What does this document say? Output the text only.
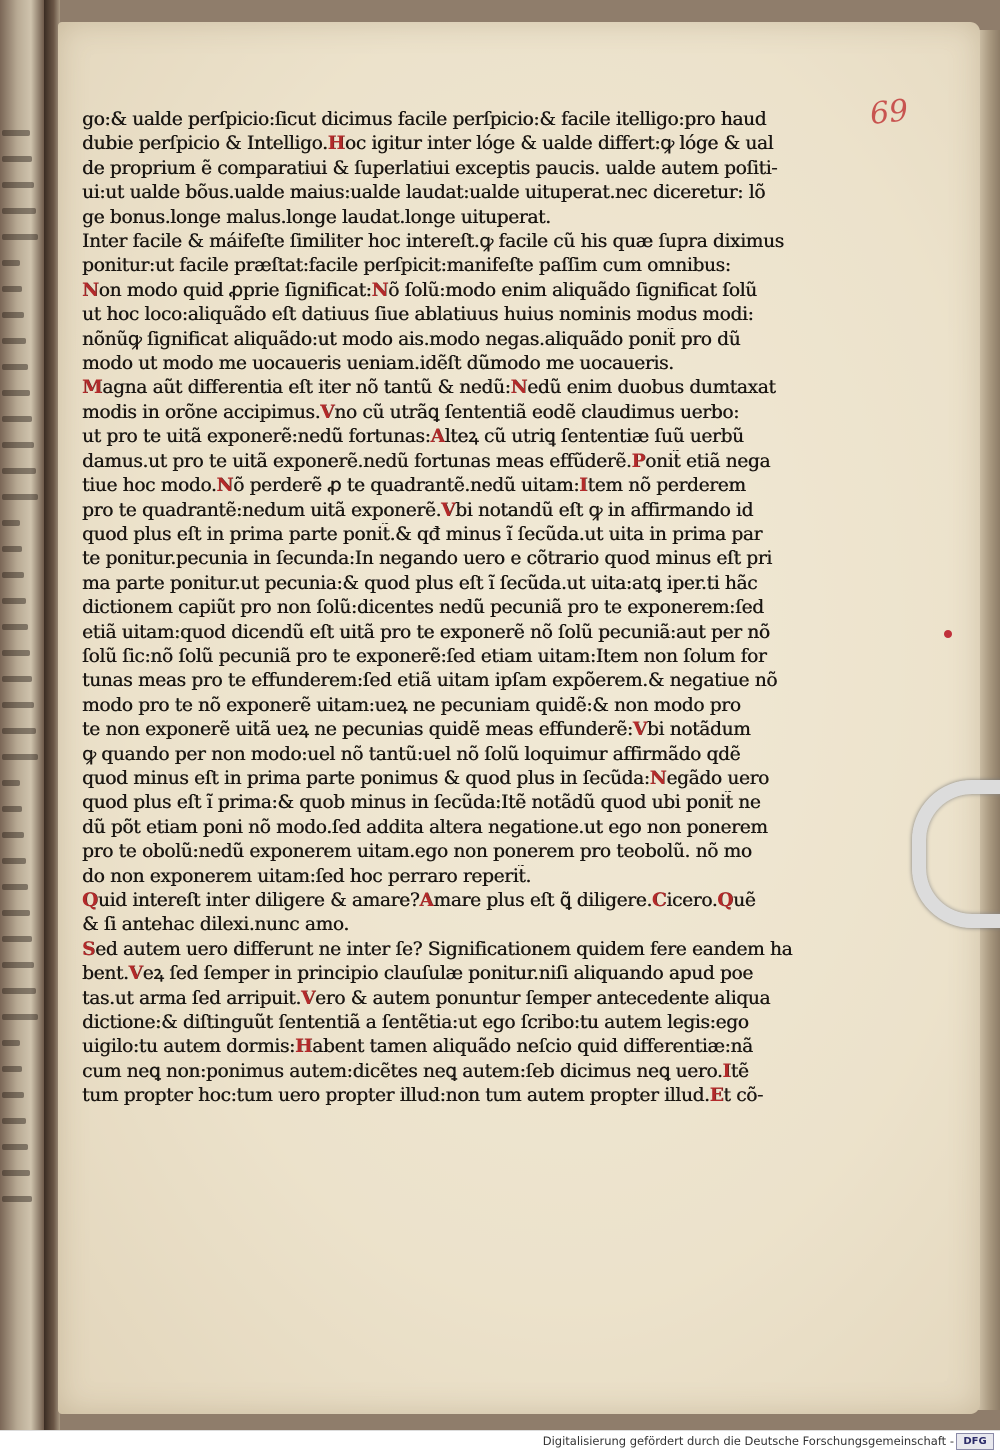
69
go:& ualde perſpicio:ſicut dicimus facile perſpicio:& facile itelligo:pro haud
dubie perſpicio & Intelligo.Hoc igitur inter lóge & ualde differt:ꝙ lóge & ual
de proprium ẽ comparatiui & ſuperlatiui exceptis paucis. ualde autem poſiti-
ui:ut ualde bõus.ualde maius:ualde laudat:ualde uituperat.nec diceretur: lõ
ge bonus.longe malus.longe laudat.longe uituperat.
Inter facile & máifeſte ſimiliter hoc intereſt.ꝙ facile cũ his quæ ſupra diximus
ponitur:ut facile præſtat:facile perſpicit:manifeſte paſſim cum omnibus:
Non modo quid ꝓprie ſignificat:Nõ ſolũ:modo enim aliquãdo ſignificat ſolũ
ut hoc loco:aliquãdo eſt datiuus ſiue ablatiuus huius nominis modus modi:
nõnũꝙ ſignificat aliquãdo:ut modo ais.modo negas.aliquãdo ponit̃ pro dũ
modo ut modo me uocaueris ueniam.idẽſt dũmodo me uocaueris.
Magna aũt differentia eſt iter nõ tantũ & nedũ:Nedũ enim duobus dumtaxat
modis in orõne accipimus.Vno cũ utrãꝗ ſententiã eodẽ claudimus uerbo:
ut pro te uitã exponerẽ:nedũ fortunas:Alteꝝ cũ utriꝗ ſententiæ ſuũ uerbũ
damus.ut pro te uitã exponerẽ.nedũ fortunas meas effũderẽ.Ponit̃ etiã nega
tiue hoc modo.Nõ perderẽ ꝓ te quadrantẽ.nedũ uitam:Item nõ perderem
pro te quadrantẽ:nedum uitã exponerẽ.Vbi notandũ eſt ꝙ in affirmando id
quod plus eſt in prima parte ponit̃.& qđ minus ĩ ſecũda.ut uita in prima par
te ponitur.pecunia in ſecunda:In negando uero e cõtrario quod minus eſt pri
ma parte ponitur.ut pecunia:& quod plus eſt ĩ ſecũda.ut uita:atꝗ iper.ti hãc
dictionem capiũt pro non ſolũ:dicentes nedũ pecuniã pro te exponerem:ſed
etiã uitam:quod dicendũ eſt uitã pro te exponerẽ nõ ſolũ pecuniã:aut per nõ
ſolũ ſic:nõ ſolũ pecuniã pro te exponerẽ:ſed etiam uitam:Item non ſolum for
tunas meas pro te effunderem:ſed etiã uitam ipſam expõerem.& negatiue nõ
modo pro te nõ exponerẽ uitam:ueꝝ ne pecuniam quidẽ:& non modo pro
te non exponerẽ uitã ueꝝ ne pecunias quidẽ meas effunderẽ:Vbi notãdum
ꝙ quando per non modo:uel nõ tantũ:uel nõ ſolũ loquimur affirmãdo qdẽ
quod minus eſt in prima parte ponimus & quod plus in ſecũda:Negãdo uero
quod plus eſt ĩ prima:& quob minus in ſecũda:Itẽ notãdũ quod ubi ponit̃ ne
dũ põt etiam poni nõ modo.ſed addita altera negatione.ut ego non ponerem
pro te obolũ:nedũ exponerem uitam.ego non ponerem pro teobolũ. nõ mo
do non exponerem uitam:ſed hoc perraro reperit̃.
Quid intereſt inter diligere & amare?Amare plus eſt ꝗ̃ diligere.Cicero.Quẽ
& ſi antehac dilexi.nunc amo.
Sed autem uero differunt ne inter ſe? Significationem quidem fere eandem ha
bent.Veꝝ ſed ſemper in principio clauſulæ ponitur.niſi aliquando apud poe
tas.ut arma ſed arripuit.Vero & autem ponuntur ſemper antecedente aliqua
dictione:& diſtinguũt ſententiã a ſentẽtia:ut ego ſcribo:tu autem legis:ego
uigilo:tu autem dormis:Habent tamen aliquãdo neſcio quid differentiæ:nã
cum neꝗ non:ponimus autem:dicẽtes neꝗ autem:ſeb dicimus neꝗ uero.Itẽ
tum propter hoc:tum uero propter illud:non tum autem propter illud.Et cõ-
Digitalisierung gefördert durch die Deutsche Forschungsgemeinschaft - DFG
